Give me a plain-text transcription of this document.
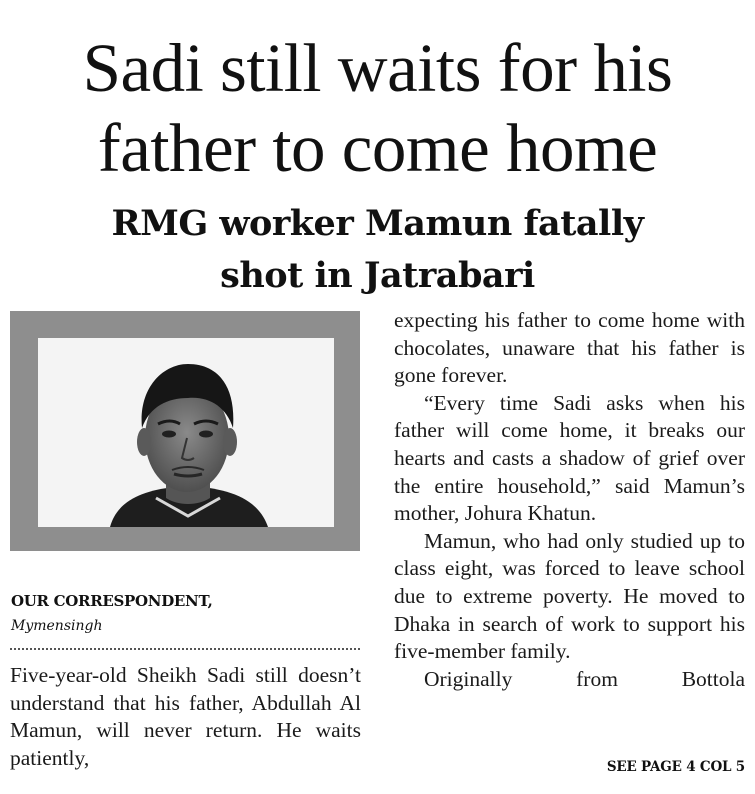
Sadi still waits for his
father to come home
RMG worker Mamun fatally
shot in Jatrabari
OUR CORRESPONDENT,
Mymensingh

Five-year-old Sheikh Sadi still doesn’t understand that his father, Abdullah Al Mamun, will never return. He waits patiently,

expecting his father to come home with chocolates, unaware that his father is gone forever.

“Every time Sadi asks when his father will come home, it breaks our hearts and casts a shadow of grief over the entire household,” said Mamun’s mother, Johura Khatun.

Mamun, who had only studied up to class eight, was forced to leave school due to extreme poverty. He moved to Dhaka in search of work to support his five-member family.

Originally from Bottola

SEE PAGE 4 COL 5
